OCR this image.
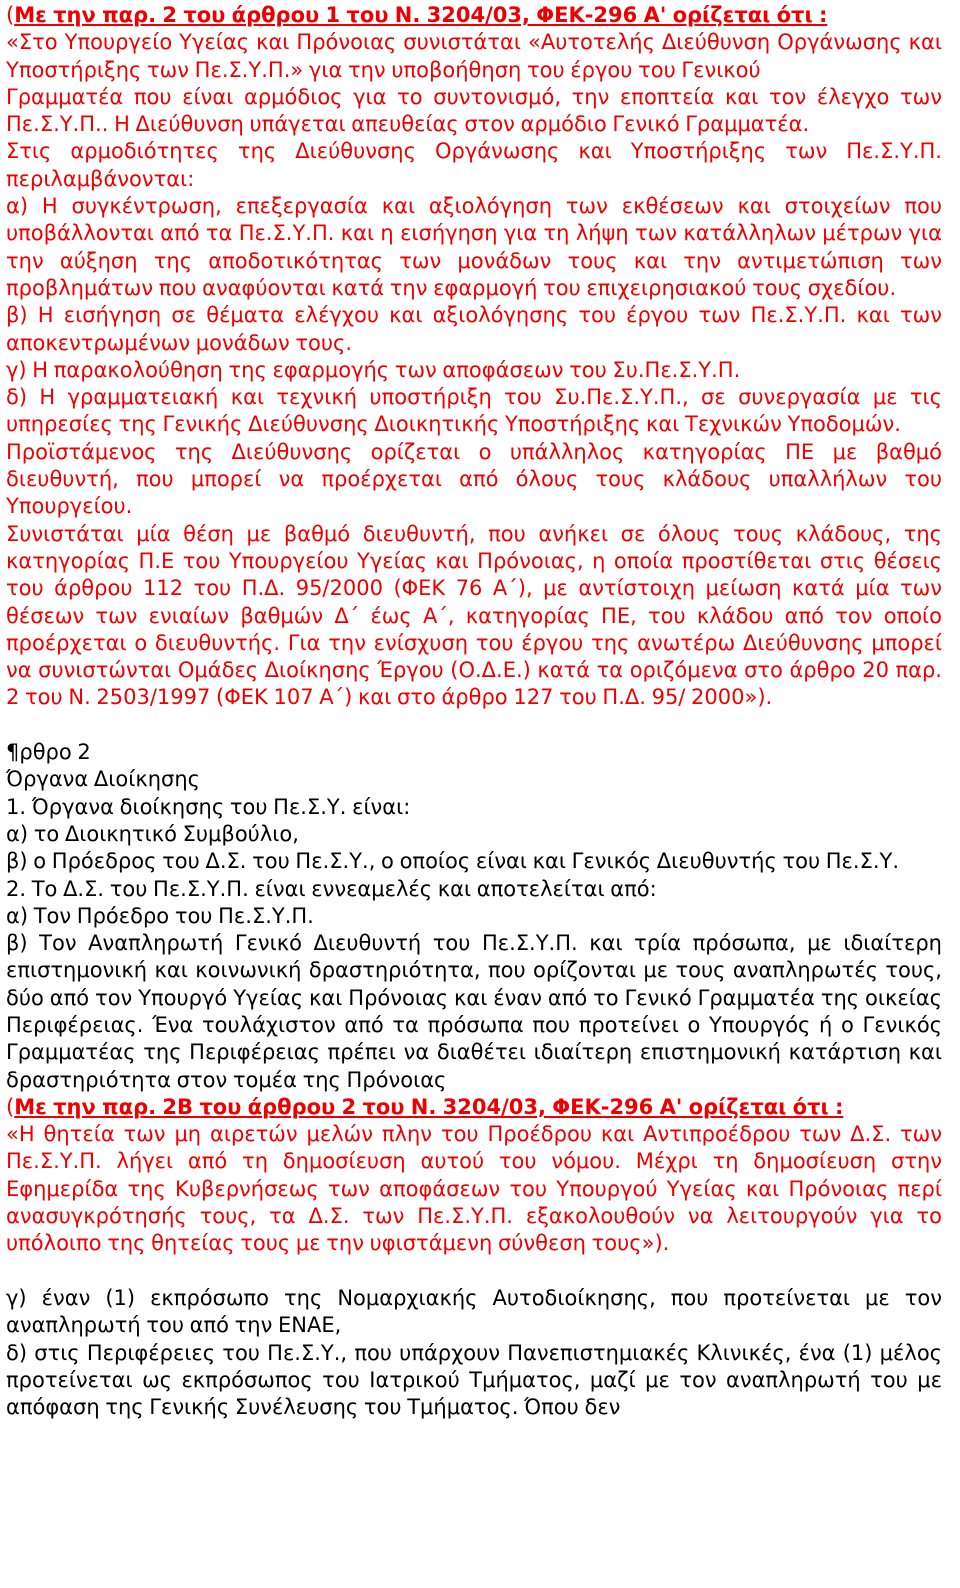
(Με την παρ. 2 του άρθρου 1 του Ν. 3204/03, ΦΕΚ-296 Α' ορίζεται ότι :

«Στο Υπουργείο Υγείας και Πρόνοιας συνιστάται «Αυτοτελής Διεύθυνση Οργάνωσης και Υποστήριξης των Πε.Σ.Υ.Π.» για την υποβοήθηση του έργου του Γενικού

Γραμματέα που είναι αρμόδιος για το συντονισμό, την εποπτεία και τον έλεγχο των Πε.Σ.Υ.Π.. Η Διεύθυνση υπάγεται απευθείας στον αρμόδιο Γενικό Γραμματέα.

Στις αρμοδιότητες της Διεύθυνσης Οργάνωσης και Υποστήριξης των Πε.Σ.Υ.Π. περιλαμβάνονται:

α) Η συγκέντρωση, επεξεργασία και αξιολόγηση των εκθέσεων και στοιχείων που υποβάλλονται από τα Πε.Σ.Υ.Π. και η εισήγηση για τη λήψη των κατάλληλων μέτρων για την αύξηση της αποδοτικότητας των μονάδων τους και την αντιμετώπιση των προβλημάτων που αναφύονται κατά την εφαρμογή του επιχειρησιακού τους σχεδίου.

β) Η εισήγηση σε θέματα ελέγχου και αξιολόγησης του έργου των Πε.Σ.Υ.Π. και των αποκεντρωμένων μονάδων τους.

γ) Η παρακολούθηση της εφαρμογής των αποφάσεων του Συ.Πε.Σ.Υ.Π.

δ) Η γραμματειακή και τεχνική υποστήριξη του Συ.Πε.Σ.Υ.Π., σε συνεργασία με τις υπηρεσίες της Γενικής Διεύθυνσης Διοικητικής Υποστήριξης και Τεχνικών Υποδομών.

Προϊστάμενος της Διεύθυνσης ορίζεται ο υπάλληλος κατηγορίας ΠΕ με βαθμό διευθυντή, που μπορεί να προέρχεται από όλους τους κλάδους υπαλλήλων του Υπουργείου.

Συνιστάται μία θέση με βαθμό διευθυντή, που ανήκει σε όλους τους κλάδους, της κατηγορίας Π.Ε του Υπουργείου Υγείας και Πρόνοιας, η οποία προστίθεται στις θέσεις του άρθρου 112 του Π.Δ. 95/2000 (ΦΕΚ 76 Α΄), με αντίστοιχη μείωση κατά μία των θέσεων των ενιαίων βαθμών Δ΄ έως Α΄, κατηγορίας ΠΕ, του κλάδου από τον οποίο προέρχεται ο διευθυντής. Για την ενίσχυση του έργου της ανωτέρω Διεύθυνσης μπορεί να συνιστώνται Ομάδες Διοίκησης Έργου (Ο.Δ.Ε.) κατά τα οριζόμενα στο άρθρο 20 παρ. 2 του Ν. 2503/1997 (ΦΕΚ 107 Α΄) και στο άρθρο 127 του Π.Δ. 95/ 2000»).

¶ρθρο 2

Όργανα Διοίκησης

1. Όργανα διοίκησης του Πε.Σ.Υ. είναι:

α) το Διοικητικό Συμβούλιο,

β) ο Πρόεδρος του Δ.Σ. του Πε.Σ.Υ., ο οποίος είναι και Γενικός Διευθυντής του Πε.Σ.Υ.

2. Το Δ.Σ. του Πε.Σ.Υ.Π. είναι εννεαμελές και αποτελείται από:

α) Τον Πρόεδρο του Πε.Σ.Υ.Π.

β) Τον Αναπληρωτή Γενικό Διευθυντή του Πε.Σ.Υ.Π. και τρία πρόσωπα, με ιδιαίτερη επιστημονική και κοινωνική δραστηριότητα, που ορίζονται με τους αναπληρωτές τους, δύο από τον Υπουργό Υγείας και Πρόνοιας και έναν από το Γενικό Γραμματέα της οικείας Περιφέρειας. Ένα τουλάχιστον από τα πρόσωπα που προτείνει ο Υπουργός ή ο Γενικός Γραμματέας της Περιφέρειας πρέπει να διαθέτει ιδιαίτερη επιστημονική κατάρτιση και δραστηριότητα στον τομέα της Πρόνοιας

(Με την παρ. 2Β του άρθρου 2 του Ν. 3204/03, ΦΕΚ-296 Α' ορίζεται ότι :

«Η θητεία των μη αιρετών μελών πλην του Προέδρου και Αντιπροέδρου των Δ.Σ. των Πε.Σ.Υ.Π. λήγει από τη δημοσίευση αυτού του νόμου. Μέχρι τη δημοσίευση στην Εφημερίδα της Κυβερνήσεως των αποφάσεων του Υπουργού Υγείας και Πρόνοιας περί ανασυγκρότησής τους, τα Δ.Σ. των Πε.Σ.Υ.Π. εξακολουθούν να λειτουργούν για το υπόλοιπο της θητείας τους με την υφιστάμενη σύνθεση τους»).

γ) έναν (1) εκπρόσωπο της Νομαρχιακής Αυτοδιοίκησης, που προτείνεται με τον αναπληρωτή του από την ΕΝΑΕ,

δ) στις Περιφέρειες του Πε.Σ.Υ., που υπάρχουν Πανεπιστημιακές Κλινικές, ένα (1) μέλος προτείνεται ως εκπρόσωπος του Ιατρικού Τμήματος, μαζί με τον αναπληρωτή του με απόφαση της Γενικής Συνέλευσης του Τμήματος. Όπου δεν
